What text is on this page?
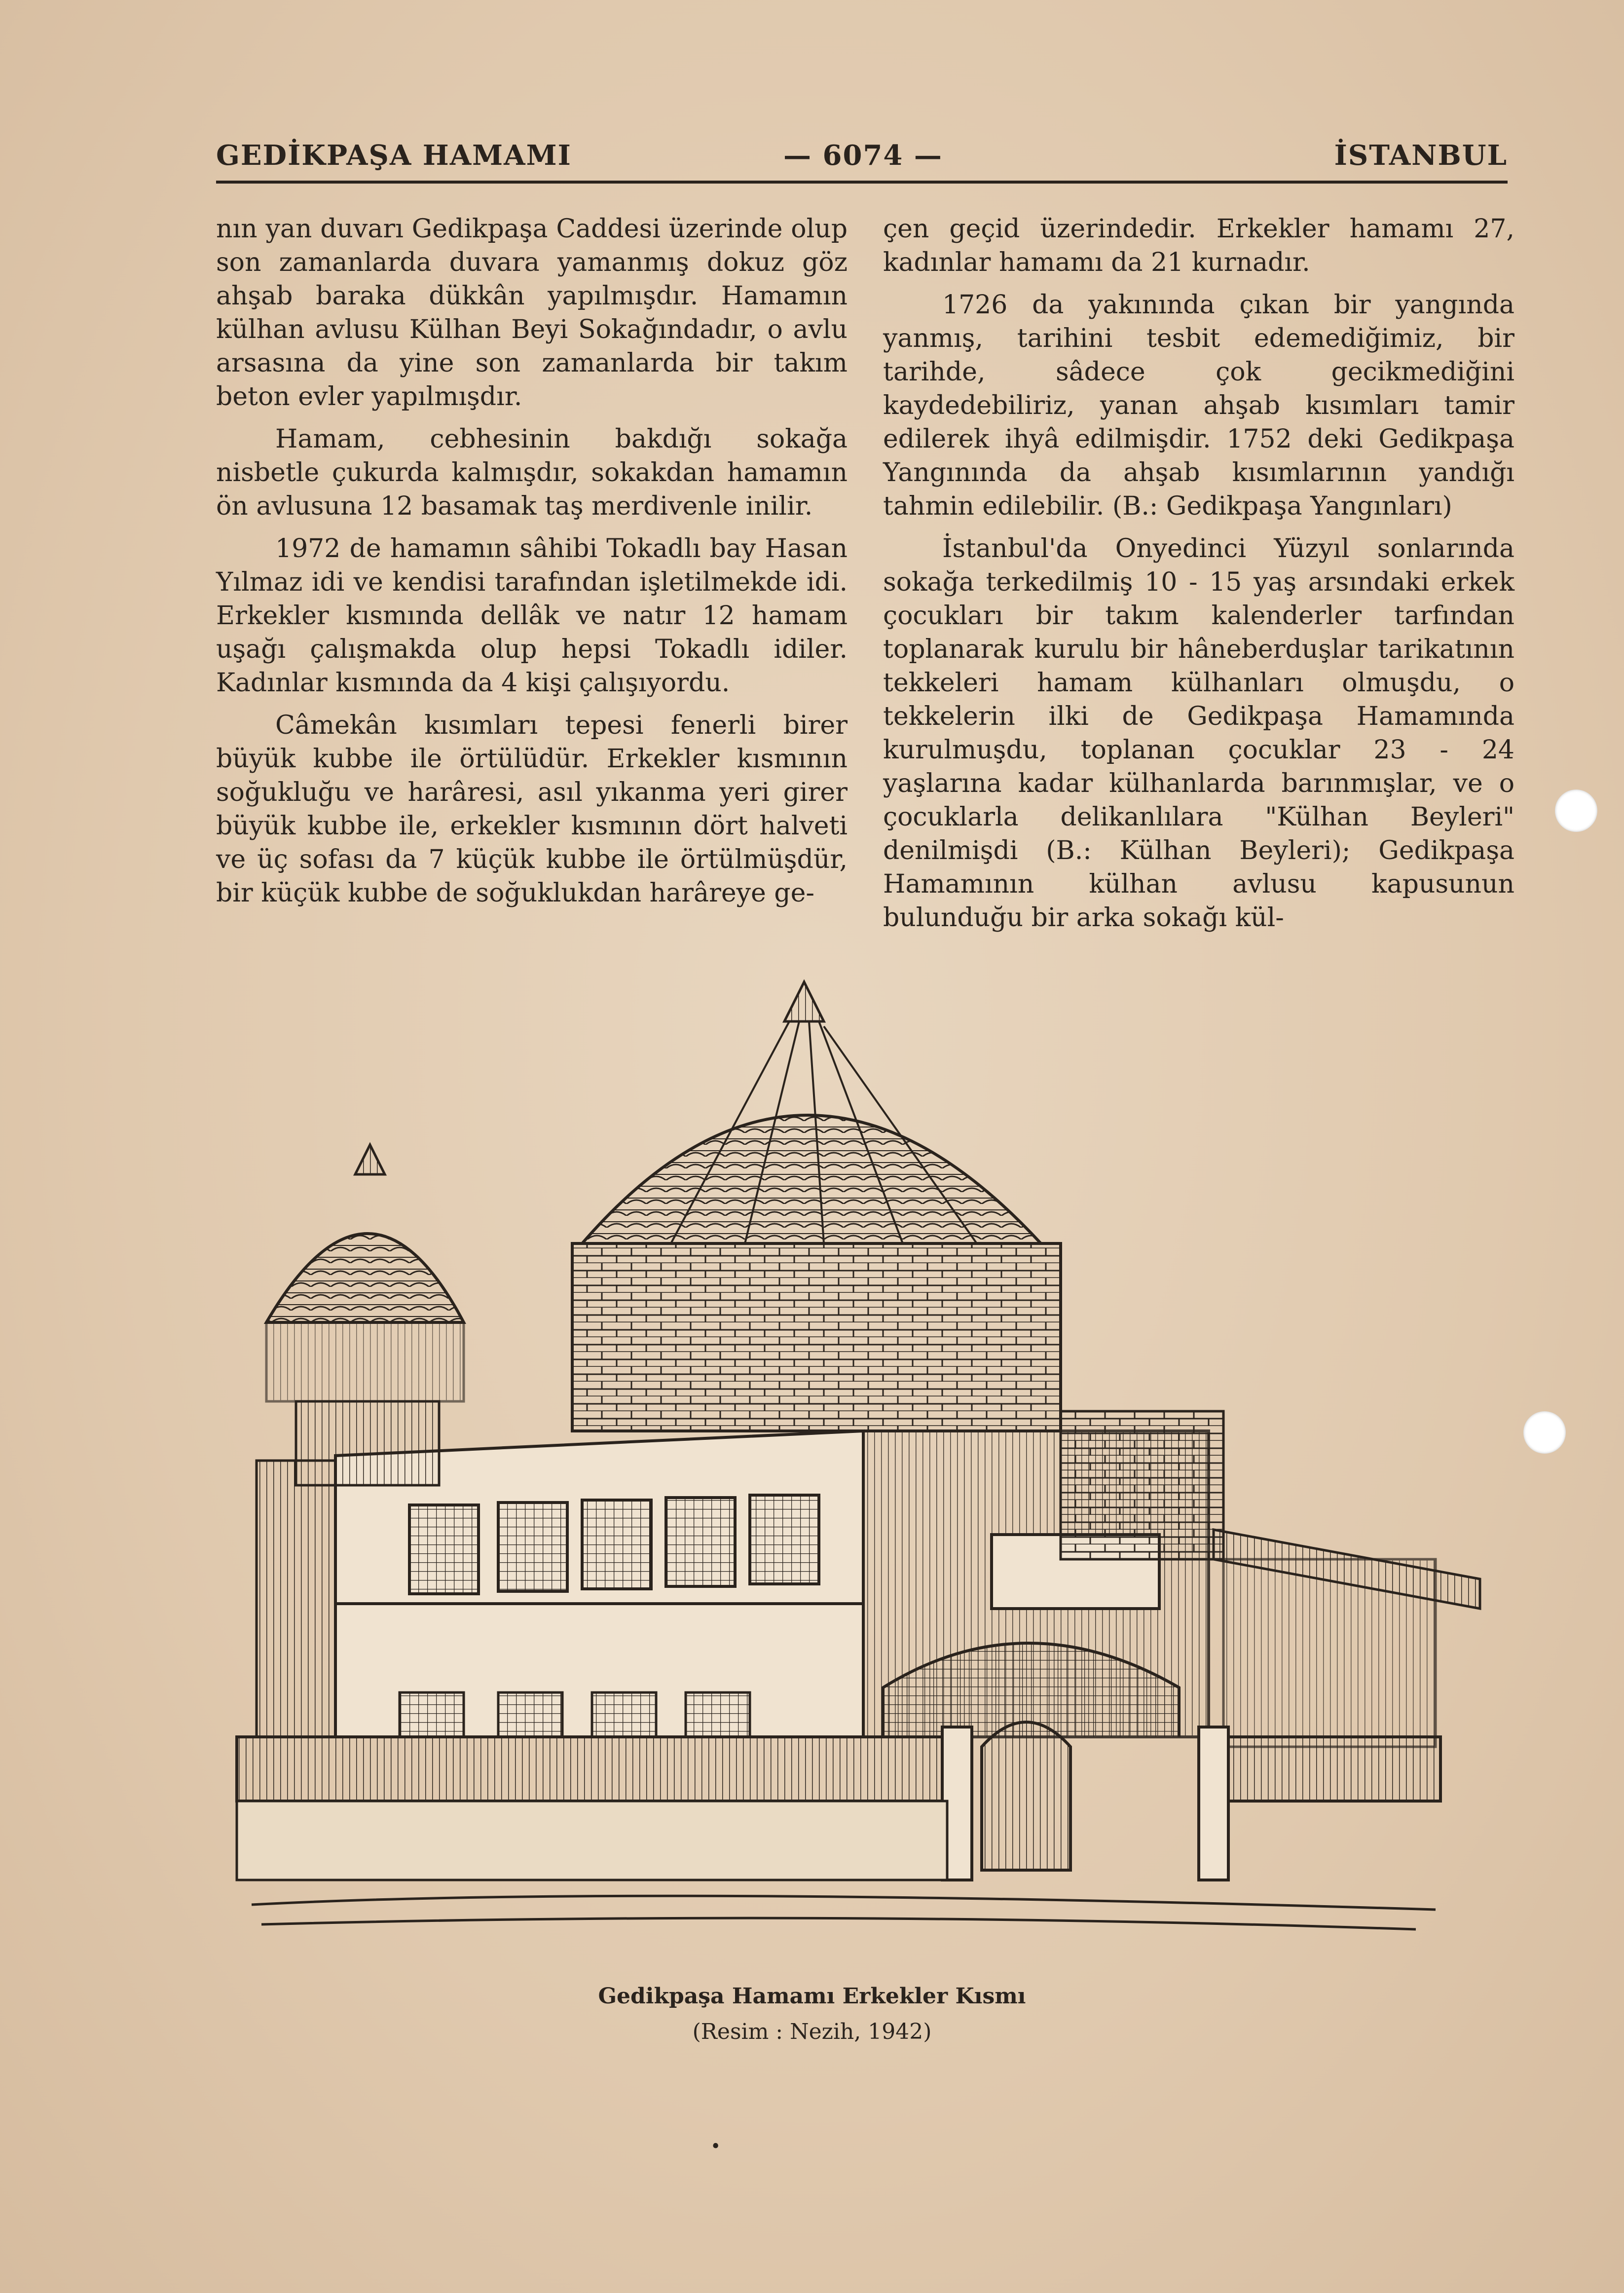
GEDİKPAŞA HAMAMI	— 6074 —	İSTANBUL

nın yan duvarı Gedikpaşa Caddesi üzerinde olup son zamanlarda duvara yamanmış dokuz göz ahşab baraka dükkân yapılmışdır. Hamamın külhan avlusu Külhan Beyi Sokağındadır, o avlu arsasına da yine son zamanlarda bir takım beton evler yapılmışdır.

Hamam, cebhesinin bakdığı sokağa nisbetle çukurda kalmışdır, sokakdan hamamın ön avlusuna 12 basamak taş merdivenle inilir.

1972 de hamamın sâhibi Tokadlı bay Hasan Yılmaz idi ve kendisi tarafından işletilmekde idi. Erkekler kısmında dellâk ve natır 12 hamam uşağı çalışmakda olup hepsi Tokadlı idiler. Kadınlar kısmında da 4 kişi çalışıyordu.

Câmekân kısımları tepesi fenerli birer büyük kubbe ile örtülüdür. Erkekler kısmının soğukluğu ve harâresi, asıl yıkanma yeri girer büyük kubbe ile, erkekler kısmının dört halveti ve üç sofası da 7 küçük kubbe ile örtülmüşdür, bir küçük kubbe de soğuklukdan harâreye ge-

çen geçid üzerindedir. Erkekler hamamı 27, kadınlar hamamı da 21 kurnadır.

1726 da yakınında çıkan bir yangında yanmış, tarihini tesbit edemediğimiz, bir tarihde, sâdece çok gecikmediğini kaydedebiliriz, yanan ahşab kısımları tamir edilerek ihyâ edilmişdir. 1752 deki Gedikpaşa Yangınında da ahşab kısımlarının yandığı tahmin edilebilir. (B.: Gedikpaşa Yangınları)

İstanbul'da Onyedinci Yüzyıl sonlarında sokağa terkedilmiş 10 - 15 yaş arsındaki erkek çocukları bir takım kalenderler tarfından toplanarak kurulu bir hâneberduşlar tarikatının tekkeleri hamam külhanları olmuşdu, o tekkelerin ilki de Gedikpaşa Hamamında kurulmuşdu, toplanan çocuklar 23 - 24 yaşlarına kadar külhanlarda barınmışlar, ve o çocuklarla delikanlılara "Külhan Beyleri" denilmişdi (B.: Külhan Beyleri); Gedikpaşa Hamamının külhan avlusu kapusunun bulunduğu bir arka sokağı kül-

Gedikpaşa Hamamı Erkekler Kısmı
(Resim : Nezih, 1942)
•
